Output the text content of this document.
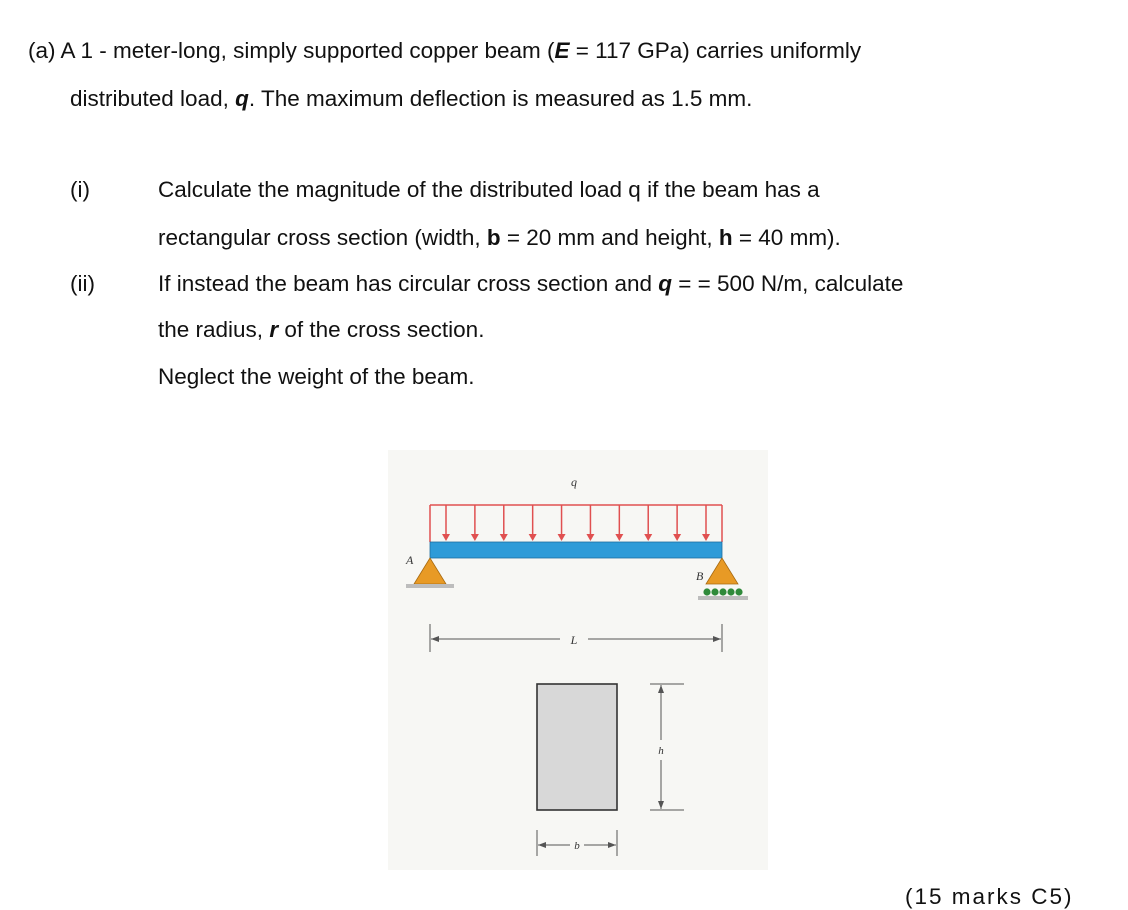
(a) A 1 - meter-long, simply supported copper beam (E = 117 GPa) carries uniformly
distributed load, q. The maximum deflection is measured as 1.5 mm.
(i)	Calculate the magnitude of the distributed load q if the beam has a
rectangular cross section (width, b = 20 mm and height, h = 40 mm).
(ii)	If instead the beam has circular cross section and q = = 500 N/m, calculate
the radius, r of the cross section.
Neglect the weight of the beam.
q
A
B
L
h
b
(15 marks C5)
